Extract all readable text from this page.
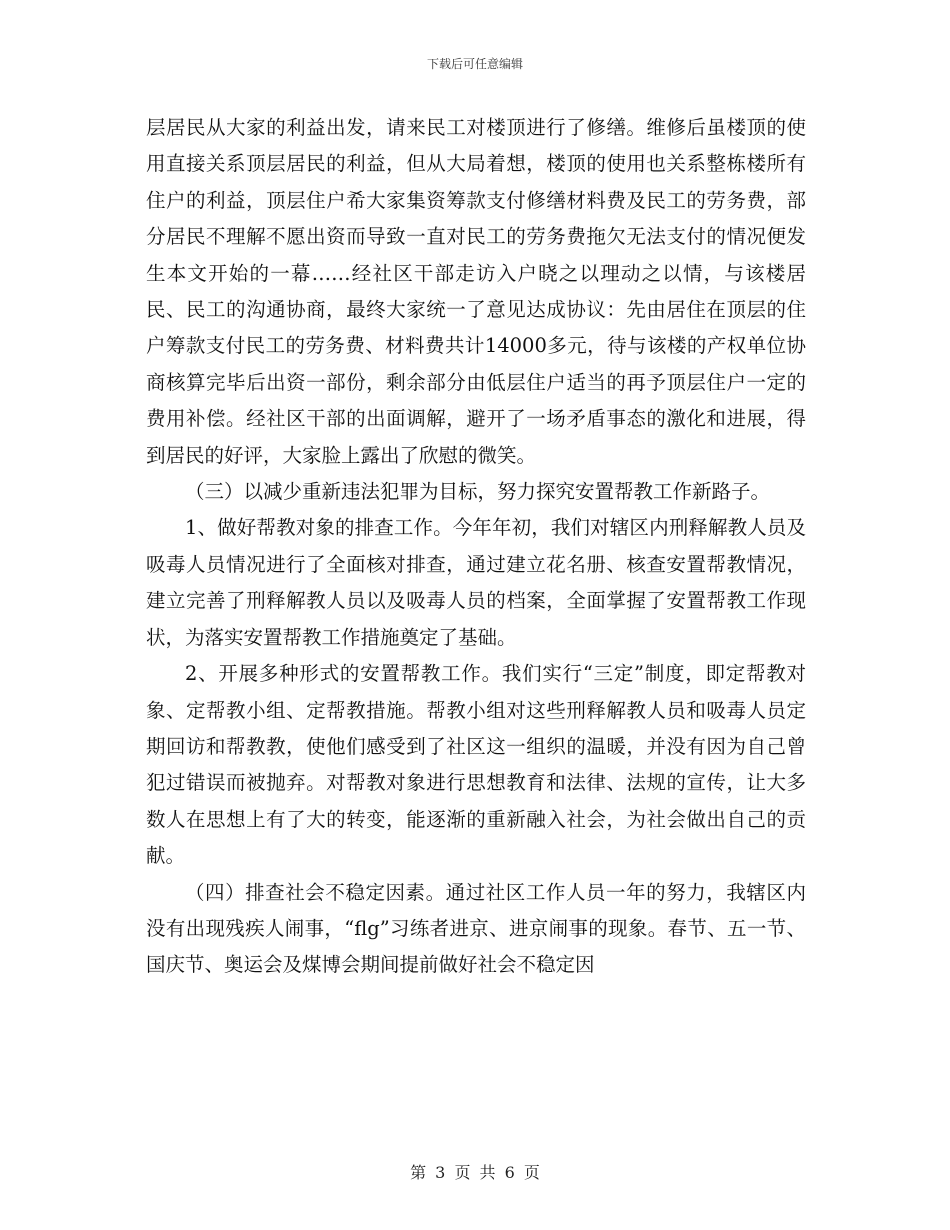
下载后可任意编辑

层居民从大家的利益出发，请来民工对楼顶进行了修缮。维修后虽楼顶的使用直接关系顶层居民的利益，但从大局着想，楼顶的使用也关系整栋楼所有住户的利益，顶层住户希大家集资筹款支付修缮材料费及民工的劳务费，部分居民不理解不愿出资而导致一直对民工的劳务费拖欠无法支付的情况便发生本文开始的一幕……经社区干部走访入户晓之以理动之以情，与该楼居民、民工的沟通协商，最终大家统一了意见达成协议：先由居住在顶层的住户筹款支付民工的劳务费、材料费共计14000多元，待与该楼的产权单位协商核算完毕后出资一部份，剩余部分由低层住户适当的再予顶层住户一定的费用补偿。经社区干部的出面调解，避开了一场矛盾事态的激化和进展，得到居民的好评，大家脸上露出了欣慰的微笑。

（三）以减少重新违法犯罪为目标，努力探究安置帮教工作新路子。

1、做好帮教对象的排查工作。今年年初，我们对辖区内刑释解教人员及吸毒人员情况进行了全面核对排查，通过建立花名册、核查安置帮教情况，建立完善了刑释解教人员以及吸毒人员的档案，全面掌握了安置帮教工作现状，为落实安置帮教工作措施奠定了基础。

2、开展多种形式的安置帮教工作。我们实行“三定”制度，即定帮教对象、定帮教小组、定帮教措施。帮教小组对这些刑释解教人员和吸毒人员定期回访和帮教教，使他们感受到了社区这一组织的温暖，并没有因为自己曾犯过错误而被抛弃。对帮教对象进行思想教育和法律、法规的宣传，让大多数人在思想上有了大的转变，能逐渐的重新融入社会，为社会做出自己的贡献。

（四）排查社会不稳定因素。通过社区工作人员一年的努力，我辖区内没有出现残疾人闹事，“flg”习练者进京、进京闹事的现象。春节、五一节、国庆节、奥运会及煤博会期间提前做好社会不稳定因

第 3 页 共 6 页
